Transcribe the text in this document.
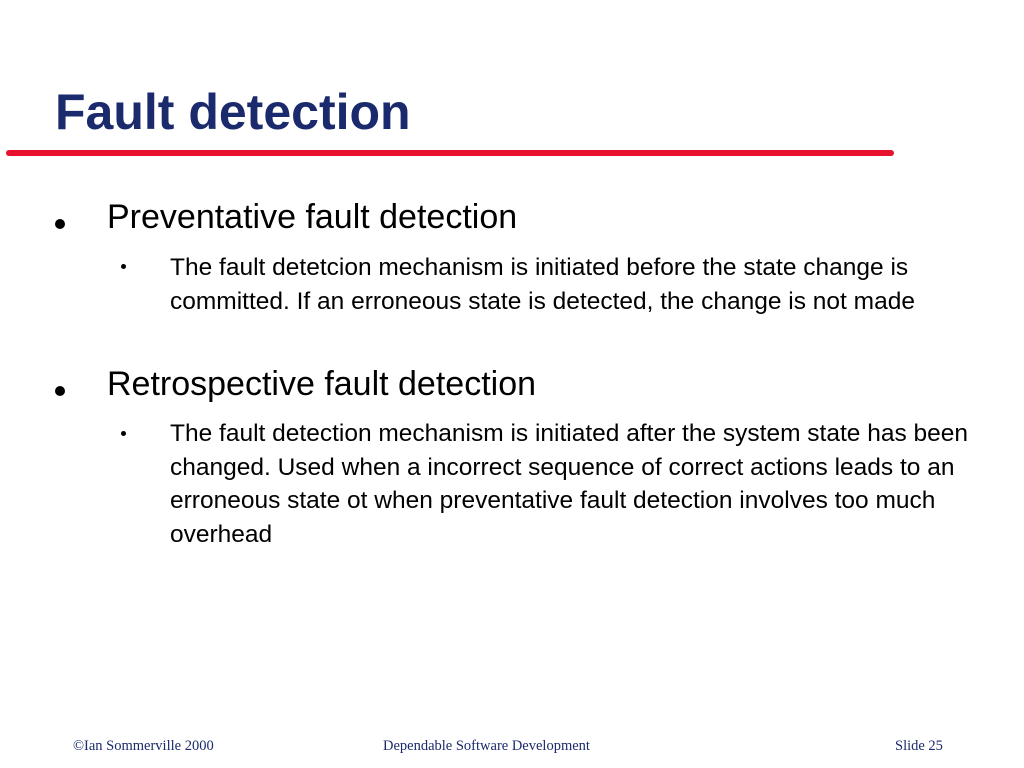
Fault detection

Preventative fault detection

The fault detetcion mechanism is initiated before the state change is committed. If an erroneous state is detected, the change is not made

Retrospective fault detection

The fault detection mechanism is initiated after the system state has been changed. Used when a incorrect sequence of correct actions leads to an erroneous state ot when preventative fault detection involves too much overhead

©Ian Sommerville 2000	Dependable Software Development	Slide 25
